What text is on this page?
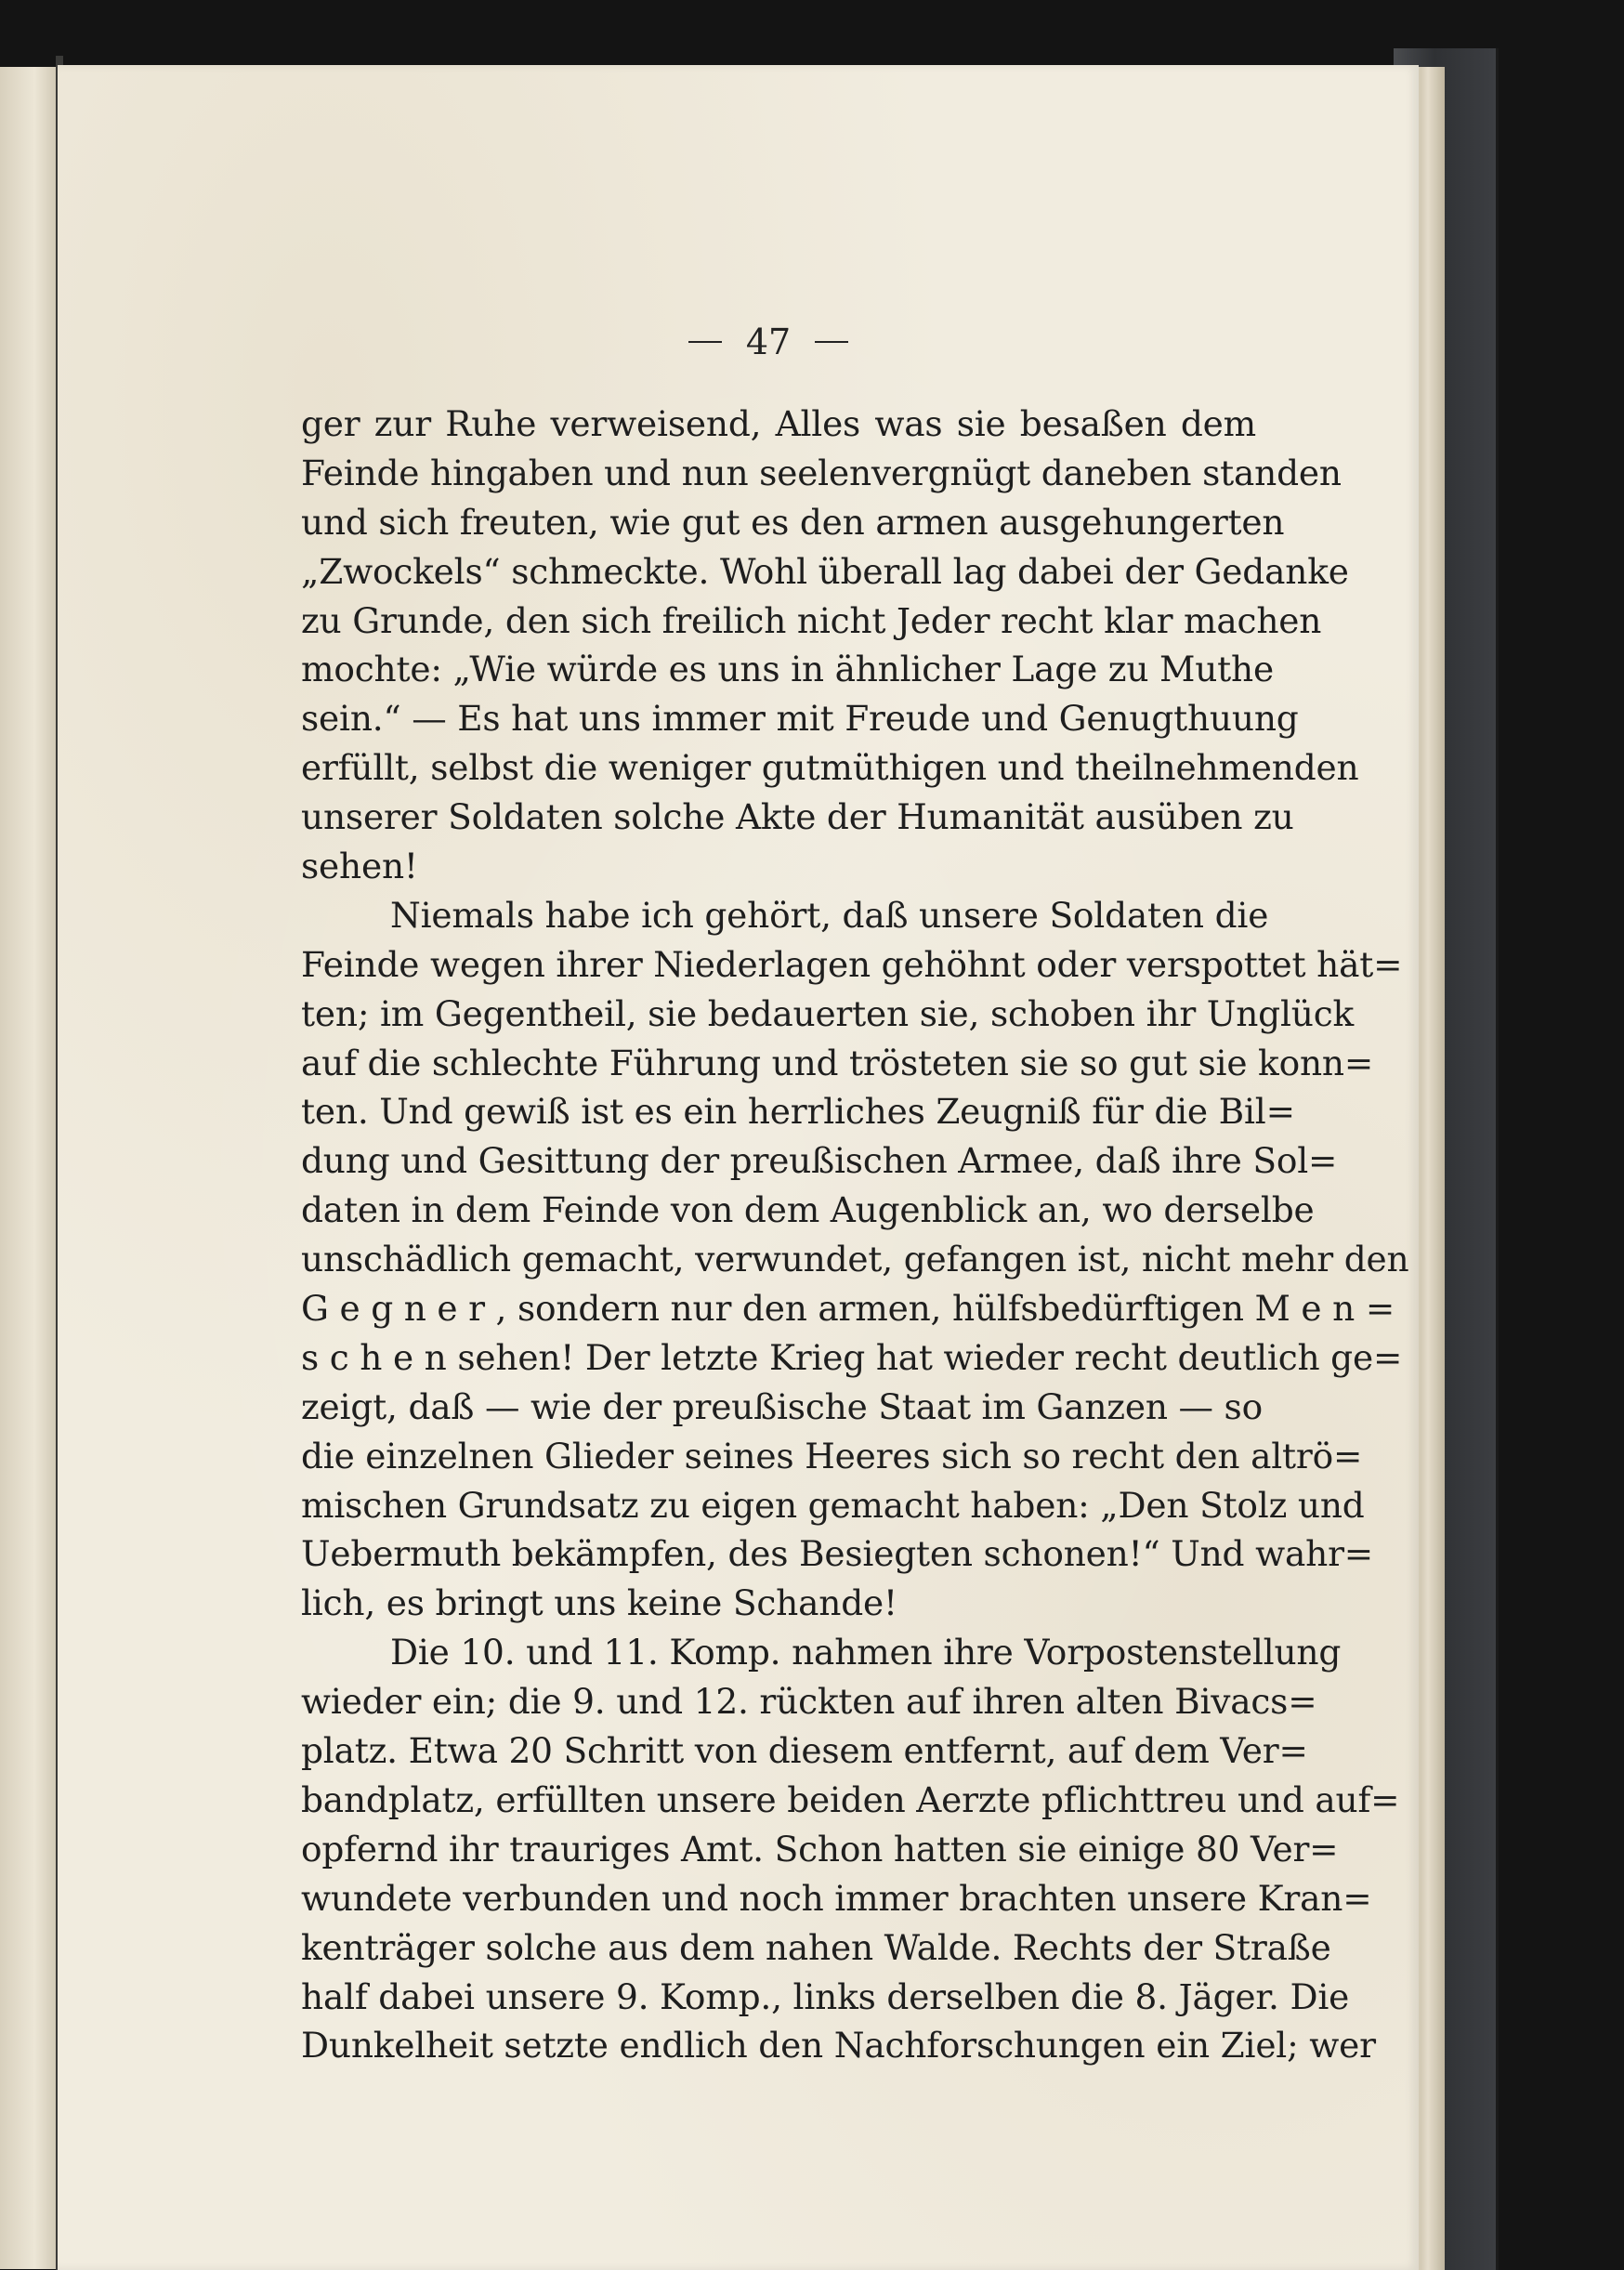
47
ger zur Ruhe verweisend, Alles was sie besaßen dem
Feinde hingaben und nun seelenvergnügt daneben standen
und sich freuten, wie gut es den armen ausgehungerten
„Zwockels“ schmeckte. Wohl überall lag dabei der Gedanke
zu Grunde, den sich freilich nicht Jeder recht klar machen
mochte: „Wie würde es uns in ähnlicher Lage zu Muthe
sein.“ — Es hat uns immer mit Freude und Genugthuung
erfüllt, selbst die weniger gutmüthigen und theilnehmenden
unserer Soldaten solche Akte der Humanität ausüben zu
sehen!
Niemals habe ich gehört, daß unsere Soldaten die
Feinde wegen ihrer Niederlagen gehöhnt oder verspottet hät=
ten; im Gegentheil, sie bedauerten sie, schoben ihr Unglück
auf die schlechte Führung und trösteten sie so gut sie konn=
ten. Und gewiß ist es ein herrliches Zeugniß für die Bil=
dung und Gesittung der preußischen Armee, daß ihre Sol=
daten in dem Feinde von dem Augenblick an, wo derselbe
unschädlich gemacht, verwundet, gefangen ist, nicht mehr den
G e g n e r , sondern nur den armen, hülfsbedürftigen M e n =
s c h e n sehen! Der letzte Krieg hat wieder recht deutlich ge=
zeigt, daß — wie der preußische Staat im Ganzen — so
die einzelnen Glieder seines Heeres sich so recht den altrö=
mischen Grundsatz zu eigen gemacht haben: „Den Stolz und
Uebermuth bekämpfen, des Besiegten schonen!“ Und wahr=
lich, es bringt uns keine Schande!
Die 10. und 11. Komp. nahmen ihre Vorpostenstellung
wieder ein; die 9. und 12. rückten auf ihren alten Bivacs=
platz. Etwa 20 Schritt von diesem entfernt, auf dem Ver=
bandplatz, erfüllten unsere beiden Aerzte pflichttreu und auf=
opfernd ihr trauriges Amt. Schon hatten sie einige 80 Ver=
wundete verbunden und noch immer brachten unsere Kran=
kenträger solche aus dem nahen Walde. Rechts der Straße
half dabei unsere 9. Komp., links derselben die 8. Jäger. Die
Dunkelheit setzte endlich den Nachforschungen ein Ziel; wer
